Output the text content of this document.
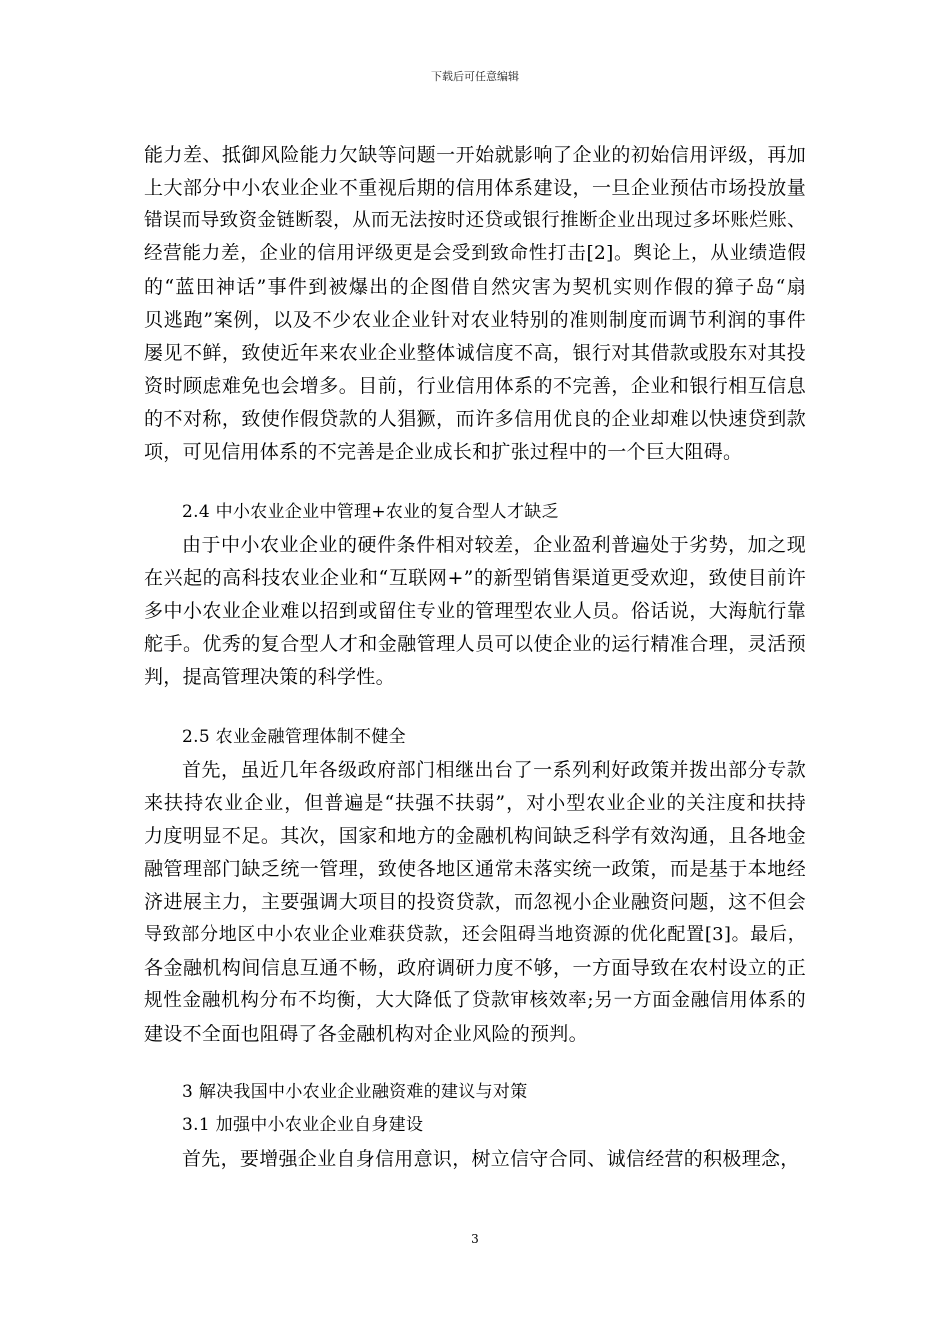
下载后可任意编辑
能力差、抵御风险能力欠缺等问题一开始就影响了企业的初始信用评级，再加
上大部分中小农业企业不重视后期的信用体系建设，一旦企业预估市场投放量
错误而导致资金链断裂，从而无法按时还贷或银行推断企业出现过多坏账烂账、
经营能力差，企业的信用评级更是会受到致命性打击[2]。舆论上，从业绩造假
的“蓝田神话”事件到被爆出的企图借自然灾害为契机实则作假的獐子岛“扇
贝逃跑”案例，以及不少农业企业针对农业特别的准则制度而调节利润的事件
屡见不鲜，致使近年来农业企业整体诚信度不高，银行对其借款或股东对其投
资时顾虑难免也会增多。目前，行业信用体系的不完善，企业和银行相互信息
的不对称，致使作假贷款的人猖獗，而许多信用优良的企业却难以快速贷到款
项，可见信用体系的不完善是企业成长和扩张过程中的一个巨大阻碍。
2.4 中小农业企业中管理+农业的复合型人才缺乏
由于中小农业企业的硬件条件相对较差，企业盈利普遍处于劣势，加之现
在兴起的高科技农业企业和“互联网+”的新型销售渠道更受欢迎，致使目前许
多中小农业企业难以招到或留住专业的管理型农业人员。俗话说，大海航行靠
舵手。优秀的复合型人才和金融管理人员可以使企业的运行精准合理，灵活预
判，提高管理决策的科学性。
2.5 农业金融管理体制不健全
首先，虽近几年各级政府部门相继出台了一系列利好政策并拨出部分专款
来扶持农业企业，但普遍是“扶强不扶弱”，对小型农业企业的关注度和扶持
力度明显不足。其次，国家和地方的金融机构间缺乏科学有效沟通，且各地金
融管理部门缺乏统一管理，致使各地区通常未落实统一政策，而是基于本地经
济进展主力，主要强调大项目的投资贷款，而忽视小企业融资问题，这不但会
导致部分地区中小农业企业难获贷款，还会阻碍当地资源的优化配置[3]。最后，
各金融机构间信息互通不畅，政府调研力度不够，一方面导致在农村设立的正
规性金融机构分布不均衡，大大降低了贷款审核效率;另一方面金融信用体系的
建设不全面也阻碍了各金融机构对企业风险的预判。
3 解决我国中小农业企业融资难的建议与对策
3.1 加强中小农业企业自身建设
首先，要增强企业自身信用意识，树立信守合同、诚信经营的积极理念，
3
